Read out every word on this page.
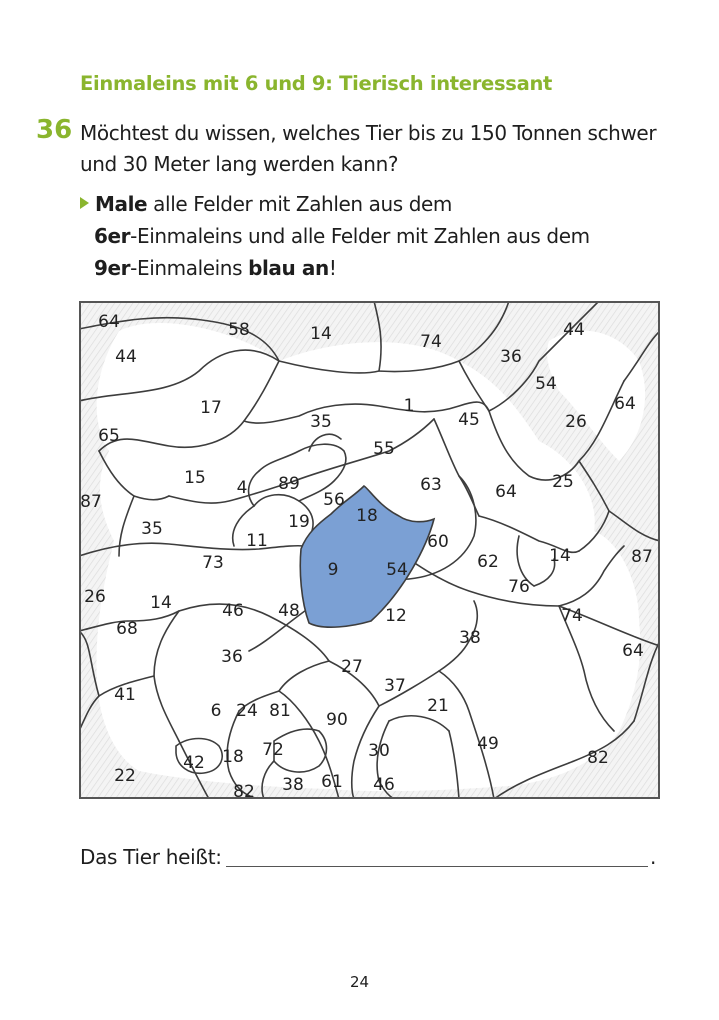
Einmaleins mit 6 und 9: Tierisch interessant
36 Möchtest du wissen, welches Tier bis zu 150 Tonnen schwer und 30 Meter lang werden kann?
Male alle Felder mit Zahlen aus dem
6er-Einmaleins und alle Felder mit Zahlen aus dem
9er-Einmaleins blau an!
64	58	14	74
44
44	36
54
64
17
35
1
45	26
65
55
15 4 89	63	64 25
87	56
18
35	19
11	60
73	9	54	62	14	87
76
26	14	46 48	12	74
68	38
64
36	27
37
41
21
6 24 81 90
49
42 18 72	30	82
22
82 38 61 46
Das Tier heißt:	.
24
